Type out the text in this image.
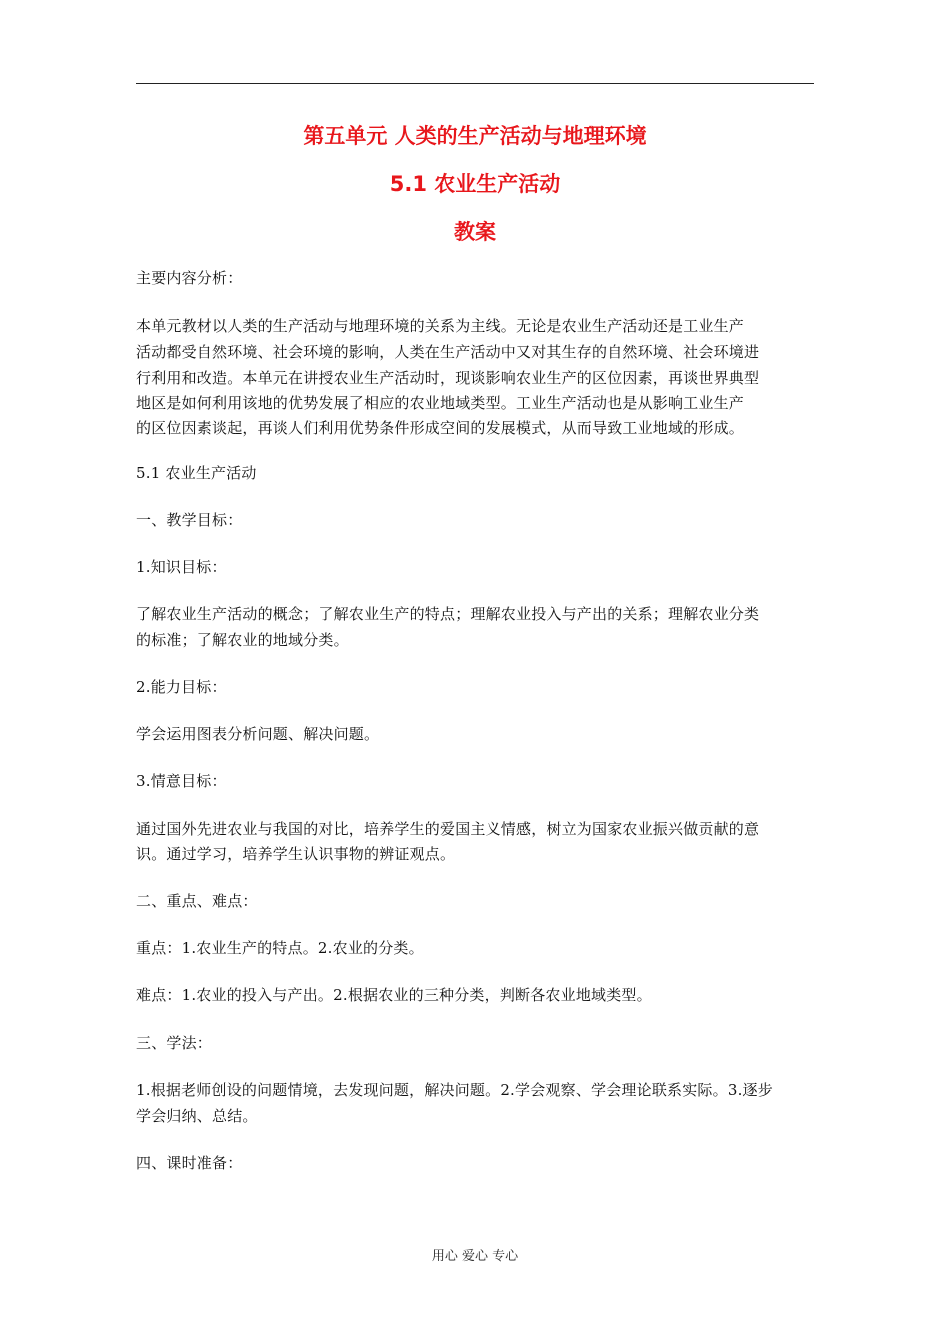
第五单元 人类的生产活动与地理环境
5.1 农业生产活动
教案
主要内容分析：
本单元教材以人类的生产活动与地理环境的关系为主线。无论是农业生产活动还是工业生产
活动都受自然环境、社会环境的影响，人类在生产活动中又对其生存的自然环境、社会环境进
行利用和改造。本单元在讲授农业生产活动时，现谈影响农业生产的区位因素，再谈世界典型
地区是如何利用该地的优势发展了相应的农业地域类型。工业生产活动也是从影响工业生产
的区位因素谈起，再谈人们利用优势条件形成空间的发展模式，从而导致工业地域的形成。
5.1 农业生产活动
一、教学目标：
1.知识目标：
了解农业生产活动的概念；了解农业生产的特点；理解农业投入与产出的关系；理解农业分类
的标准；了解农业的地域分类。
2.能力目标：
学会运用图表分析问题、解决问题。
3.情意目标：
通过国外先进农业与我国的对比，培养学生的爱国主义情感，树立为国家农业振兴做贡献的意
识。通过学习，培养学生认识事物的辨证观点。
二、重点、难点：
重点：1.农业生产的特点。2.农业的分类。
难点：1.农业的投入与产出。2.根据农业的三种分类，判断各农业地域类型。
三、学法：
1.根据老师创设的问题情境，去发现问题，解决问题。2.学会观察、学会理论联系实际。3.逐步
学会归纳、总结。
四、课时准备：
用心 爱心 专心
